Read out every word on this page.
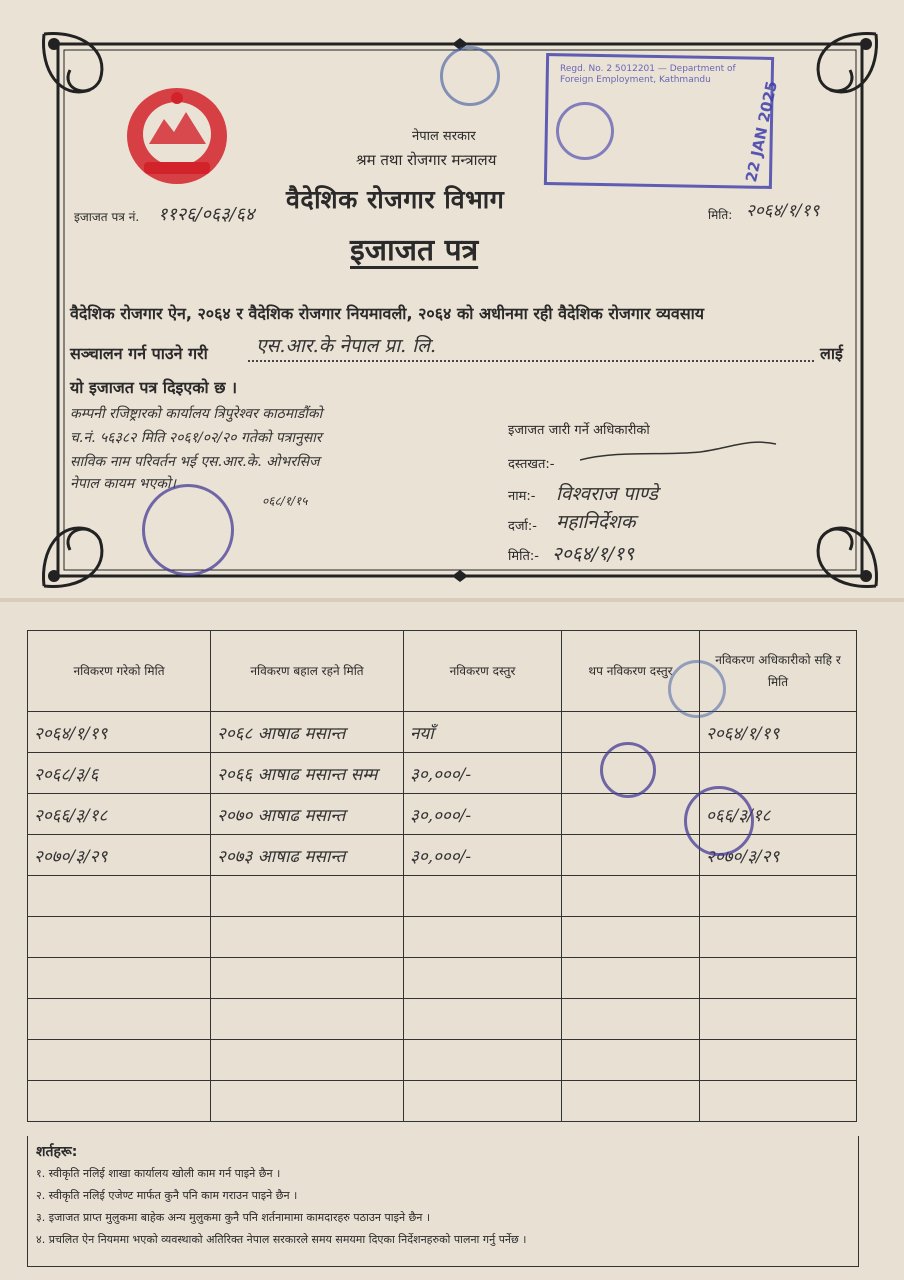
Regd. No. 2 5012201 — Department of Foreign Employment, Kathmandu	22 JAN 2025
नेपाल सरकार
श्रम तथा रोजगार मन्त्रालय
वैदेशिक रोजगार विभाग
इजाजत पत्र
इजाजत पत्र नं. ११२६/०६३/६४	मिति: २०६४/१/१९
वैदेशिक रोजगार ऐन, २०६४ र वैदेशिक रोजगार नियमावली, २०६४ को अधीनमा रही वैदेशिक रोजगार व्यवसाय
सञ्चालन गर्न पाउने गरी	एस.आर.के नेपाल प्रा. लि.	लाई
यो इजाजत पत्र दिइएको छ ।
कम्पनी रजिष्ट्रारको कार्यालय त्रिपुरेश्वर काठमाडौंको
च.नं. ५६३८२ मिति २०६१/०२/२० गतेको पत्रानुसार
साविक नाम परिवर्तन भई एस.आर.के. ओभरसिज
नेपाल कायम भएको।
०६८/१/१५
इजाजत जारी गर्ने अधिकारीको
दस्तखत:-
नाम:- विश्वराज पाण्डे
दर्जा:- महानिर्देशक
मिति:- २०६४/१/१९
नविकरण गरेको मिति	नविकरण बहाल रहने मिति	नविकरण दस्तुर	थप नविकरण दस्तुर	नविकरण अधिकारीको सहि र मिति
२०६४/१/१९	२०६८ आषाढ मसान्त	नयाँ		२०६४/१/१९
२०६८/३/६	२०६६ आषाढ मसान्त सम्म	३०,०००/-		
२०६६/३/१८	२०७० आषाढ मसान्त	३०,०००/-		०६६/३/१८
२०७०/३/२९	२०७३ आषाढ मसान्त	३०,०००/-		२०७०/३/२९

शर्तहरू:
१. स्वीकृति नलिई शाखा कार्यालय खोली काम गर्न पाइने छैन ।
२. स्वीकृति नलिई एजेण्ट मार्फत कुनै पनि काम गराउन पाइने छैन ।
३. इजाजत प्राप्त मुलुकमा बाहेक अन्य मुलुकमा कुनै पनि शर्तनामामा कामदारहरु पठाउन पाइने छैन ।
४. प्रचलित ऐन नियममा भएको व्यवस्थाको अतिरिक्त नेपाल सरकारले समय समयमा दिएका निर्देशनहरुको पालना गर्नु पर्नेछ ।
